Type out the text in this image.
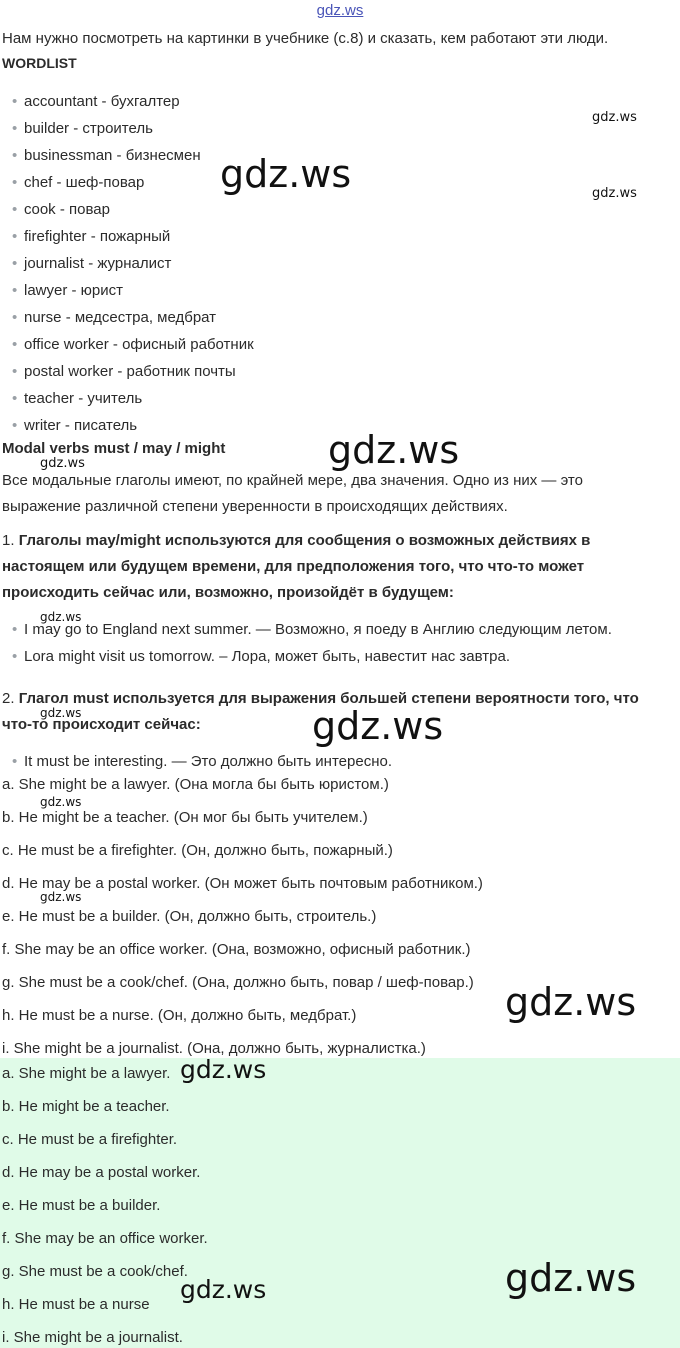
gdz.ws
Нам нужно посмотреть на картинки в учебнике (с.8) и сказать, кем работают эти люди.
WORDLIST
• accountant - бухгалтер
• builder - строитель
• businessman - бизнесмен
• chef - шеф-повар
• cook - повар
• firefighter - пожарный
• journalist - журналист
• lawyer - юрист
• nurse - медсестра, медбрат
• office worker - офисный работник
• postal worker - работник почты
• teacher - учитель
• writer - писатель
Modal verbs must / may / might
Все модальные глаголы имеют, по крайней мере, два значения. Одно из них — это
выражение различной степени уверенности в происходящих действиях.
1. Глаголы may/might используются для сообщения о возможных действиях в
настоящем или будущем времени, для предположения того, что что-то может
происходить сейчас или, возможно, произойдёт в будущем:
• I may go to England next summer. — Возможно, я поеду в Англию следующим летом.
• Lora might visit us tomorrow. – Лора, может быть, навестит нас завтра.
2. Глагол must используется для выражения большей степени вероятности того, что
что-то происходит сейчас:
• It must be interesting. — Это должно быть интересно.
a. She might be a lawyer. (Она могла бы быть юристом.)
b. He might be a teacher. (Он мог бы быть учителем.)
c. He must be a firefighter. (Он, должно быть, пожарный.)
d. He may be a postal worker. (Он может быть почтовым работником.)
e. He must be a builder. (Он, должно быть, строитель.)
f. She may be an office worker. (Она, возможно, офисный работник.)
g. She must be a cook/chef. (Она, должно быть, повар / шеф-повар.)
h. He must be a nurse. (Он, должно быть, медбрат.)
i. She might be a journalist. (Она, должно быть, журналистка.)
a. She might be a lawyer.
b. He might be a teacher.
c. He must be a firefighter.
d. He may be a postal worker.
e. He must be a builder.
f. She may be an office worker.
g. She must be a cook/chef.
h. He must be a nurse
i. She might be a journalist.
gdz.ws
gdz.ws	gdz.ws
gdz.ws
gdz.ws
gdz.ws
gdz.ws	gdz.ws
gdz.ws
gdz.ws
gdz.ws
gdz.ws
gdz.ws
gdz.ws
